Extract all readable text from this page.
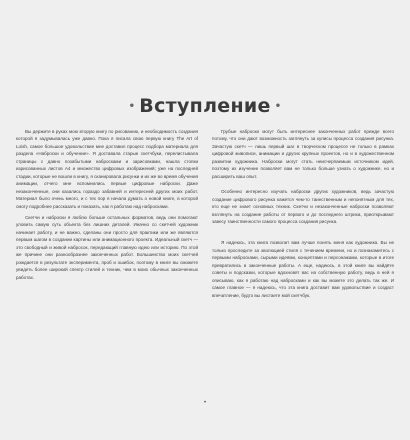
• Вступление •

Вы держите в руках мою вторую книгу по рисованию, и необходимость создания которой я задумывалась уже давно. Пока я писала свою первую книгу The Art of Loish, самое большое удовольствие мне доставил процесс подбора материала для раздела «Наброски и обучение». Я доставала старые скетчбуки, перелистывала страницы с давно позабытыми набросками и зарисовками, нашла стопки изрисованных листов А4 и множество цифровых изображений; уже на последней стадии, которые не вошли в книгу, я сканировала рисунки и их же во время обучения анимации, отчего мне вспомнились первые цифровые наброски. Даже незаконченные, они казались гораздо забавней и интересней других моих работ. Материал было очень много, и с тех пор я начала думать о новой книге, в которой смогу подробнее рассказать и показать, как я работаю над набросками.

Скетчи и наброски я люблю больше остальных форматов, ведь они помогают уловить самую суть объекта без лишних деталей. Иначно со скетчей художник начинает работу, и не важно, сделаны они просто для практики или же являются первым шагом в создании картины или анимационного проекта. Идеальный скетч — это свободный и живой набросок, передающий главную идею или историю. По этой же причине они разнообразнее законченных работ. Большинство моих скетчей рождается в результате эксперимента, проб и ошибок, поэтому в книге вы сможете увидеть более широкий спектр стилей и техник, чем в моих обычных законченных работах.

Грубые наброски могут быть интереснее законченных работ прежде всего потому, что они дают возможность заглянуть за кулисы процесса создания рисунка. Зачастую скетч — лишь первый шаг в творческом процессе не только в рамках цифровой живописи, анимации и других крупных проектов, но и в художественном развитии художника. Наброски могут стать неисчерпаемым источником идей, поэтому их изучение позволяет вам не только больше узнать о художнике, но и расширить ваш опыт.

Особенно интересно изучать наброски других художников, ведь зачастую создание цифрового рисунка кажется чем-то таинственным и непонятным для тех, кто еще не знает основных техник. Скетчи и незаконченные наброски позволяют взглянуть на создание работы от первого и до последнего штриха, приоткрывают завесу таинственности самого процесса создания рисунка.

Я надеюсь, эта книга позволит вам лучше понять меня как художника. Вы не только проследите за эволюцией стиля с течением времени, но и познакомитесь с первыми набросками, сырыми идеями, концептами и персонажами, которые в итоге превратились в законченные работы. А еще, надеюсь, в этой книге вы найдёте советы и подсказки, которые вдохновят вас на собственную работу, ведь в ней я описываю, как я работаю над набросками и как вы можете это делать так же. И самое главное — я надеюсь, что эта книга доставит вам удовольствие и создаст впечатление, будто вы листаете мой скетчбук.

•
